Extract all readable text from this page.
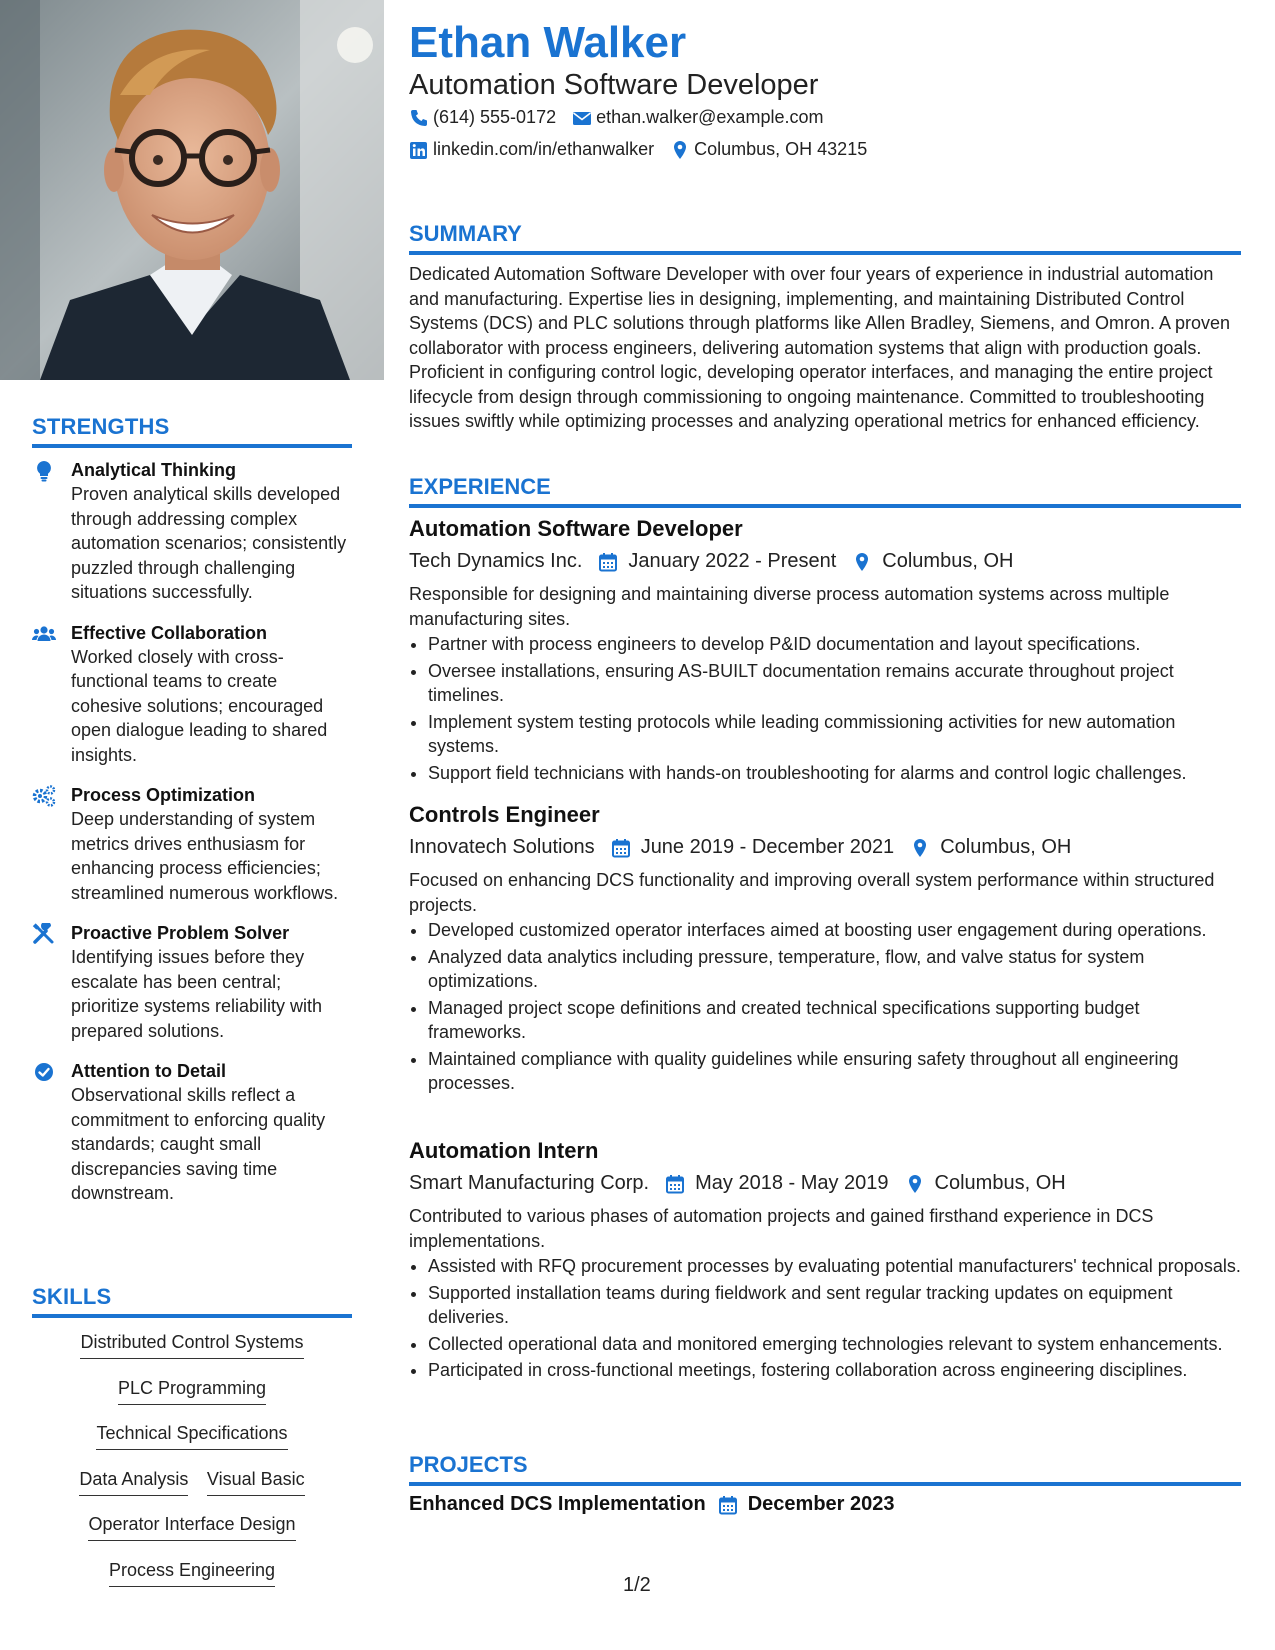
STRENGTHS
Analytical Thinking
Proven analytical skills developed through addressing complex automation scenarios; consistently puzzled through challenging situations successfully.
Effective Collaboration
Worked closely with cross-functional teams to create cohesive solutions; encouraged open dialogue leading to shared insights.
Process Optimization
Deep understanding of system metrics drives enthusiasm for enhancing process efficiencies; streamlined numerous workflows.
Proactive Problem Solver
Identifying issues before they escalate has been central; prioritize systems reliability with prepared solutions.
Attention to Detail
Observational skills reflect a commitment to enforcing quality standards; caught small discrepancies saving time downstream.
SKILLS
Distributed Control Systems
PLC Programming
Technical Specifications
Data Analysis Visual Basic
Operator Interface Design
Process Engineering
Ethan Walker
Automation Software Developer
(614) 555-0172 ethan.walker@example.com
linkedin.com/in/ethanwalker Columbus, OH 43215
SUMMARY
Dedicated Automation Software Developer with over four years of experience in industrial automation and manufacturing. Expertise lies in designing, implementing, and maintaining Distributed Control Systems (DCS) and PLC solutions through platforms like Allen Bradley, Siemens, and Omron. A proven collaborator with process engineers, delivering automation systems that align with production goals. Proficient in configuring control logic, developing operator interfaces, and managing the entire project lifecycle from design through commissioning to ongoing maintenance. Committed to troubleshooting issues swiftly while optimizing processes and analyzing operational metrics for enhanced efficiency.
EXPERIENCE
Automation Software Developer
Tech Dynamics Inc. January 2022 - Present Columbus, OH
Responsible for designing and maintaining diverse process automation systems across multiple manufacturing sites.
• Partner with process engineers to develop P&ID documentation and layout specifications.
• Oversee installations, ensuring AS-BUILT documentation remains accurate throughout project timelines.
• Implement system testing protocols while leading commissioning activities for new automation systems.
• Support field technicians with hands-on troubleshooting for alarms and control logic challenges.
Controls Engineer
Innovatech Solutions June 2019 - December 2021 Columbus, OH
Focused on enhancing DCS functionality and improving overall system performance within structured projects.
• Developed customized operator interfaces aimed at boosting user engagement during operations.
• Analyzed data analytics including pressure, temperature, flow, and valve status for system optimizations.
• Managed project scope definitions and created technical specifications supporting budget frameworks.
• Maintained compliance with quality guidelines while ensuring safety throughout all engineering processes.
Automation Intern
Smart Manufacturing Corp. May 2018 - May 2019 Columbus, OH
Contributed to various phases of automation projects and gained firsthand experience in DCS implementations.
• Assisted with RFQ procurement processes by evaluating potential manufacturers' technical proposals.
• Supported installation teams during fieldwork and sent regular tracking updates on equipment deliveries.
• Collected operational data and monitored emerging technologies relevant to system enhancements.
• Participated in cross-functional meetings, fostering collaboration across engineering disciplines.
PROJECTS
Enhanced DCS Implementation December 2023
1/2
